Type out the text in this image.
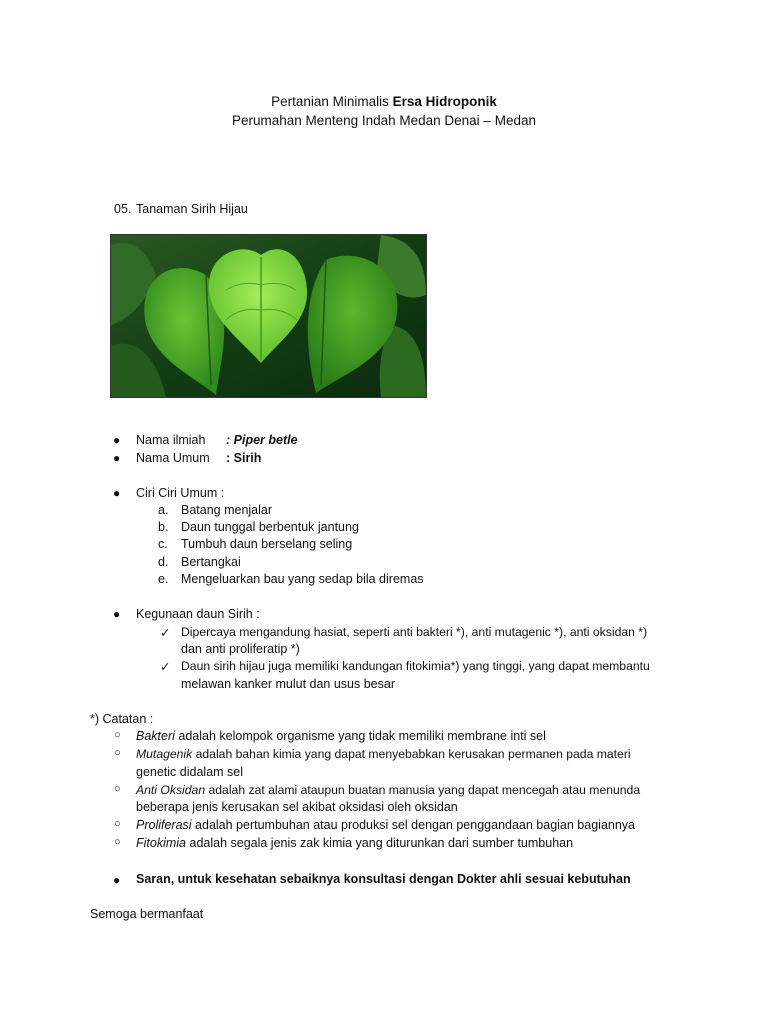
Pertanian Minimalis Ersa Hidroponik
Perumahan Menteng Indah Medan Denai – Medan
05. Tanaman Sirih Hijau
● Nama ilmiah : Piper betle
● Nama Umum : Sirih
● Ciri Ciri Umum :
a. Batang menjalar
b. Daun tunggal berbentuk jantung
c. Tumbuh daun berselang seling
d. Bertangkai
e. Mengeluarkan bau yang sedap bila diremas
● Kegunaan daun Sirih :
✓ Dipercaya mengandung hasiat, seperti anti bakteri *), anti mutagenic *), anti oksidan *)
dan anti proliferatip *)
✓ Daun sirih hijau juga memiliki kandungan fitokimia*) yang tinggi, yang dapat membantu
melawan kanker mulut dan usus besar
*) Catatan :
○ Bakteri adalah kelompok organisme yang tidak memiliki membrane inti sel
○ Mutagenik adalah bahan kimia yang dapat menyebabkan kerusakan permanen pada materi
genetic didalam sel
○ Anti Oksidan adalah zat alami ataupun buatan manusia yang dapat mencegah atau menunda
beberapa jenis kerusakan sel akibat oksidasi oleh oksidan
○ Proliferasi adalah pertumbuhan atau produksi sel dengan penggandaan bagian bagiannya
○ Fitokimia adalah segala jenis zak kimia yang diturunkan dari sumber tumbuhan
● Saran, untuk kesehatan sebaiknya konsultasi dengan Dokter ahli sesuai kebutuhan
Semoga bermanfaat
